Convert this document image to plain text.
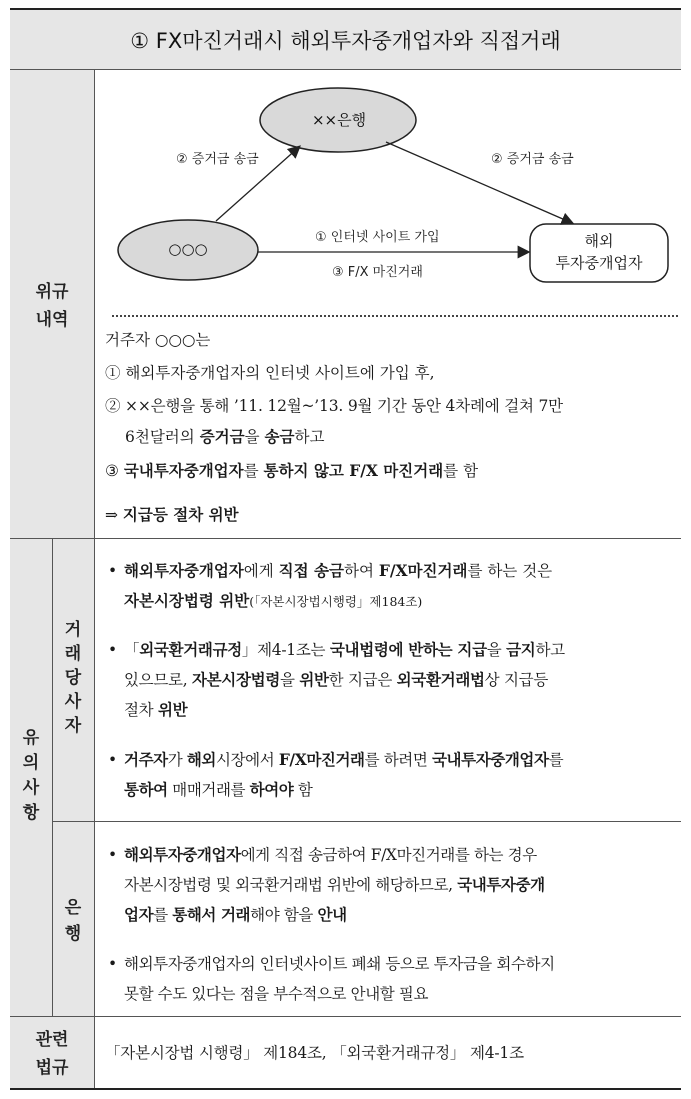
① FX마진거래시 해외투자중개업자와 직접거래
위규
내역
유
의
사
항
거
래
당
사
자
은
행
관련
법규
××은행
○○○	해외
투자중개업자
② 증거금 송금	② 증거금 송금
① 인터넷 사이트 가입
③ F/X 마진거래
거주자 ○○○는
① 해외투자중개업자의 인터넷 사이트에 가입 후,
② ××은행을 통해 ’11. 12월~’13. 9월 기간 동안 4차례에 걸쳐 7만
6천달러의 증거금을 송금하고
③ 국내투자중개업자를 통하지 않고 F/X 마진거래를 함
⇒ 지급등 절차 위반
• 해외투자중개업자에게 직접 송금하여 F/X마진거래를 하는 것은
자본시장법령 위반(「자본시장법시행령」제184조)
• 「외국환거래규정」제4-1조는 국내법령에 반하는 지급을 금지하고
있으므로, 자본시장법령을 위반한 지급은 외국환거래법상 지급등
절차 위반
• 거주자가 해외시장에서 F/X마진거래를 하려면 국내투자중개업자를
통하여 매매거래를 하여야 함
• 해외투자중개업자에게 직접 송금하여 F/X마진거래를 하는 경우
자본시장법령 및 외국환거래법 위반에 해당하므로, 국내투자중개
업자를 통해서 거래해야 함을 안내
• 해외투자중개업자의 인터넷사이트 폐쇄 등으로 투자금을 회수하지
못할 수도 있다는 점을 부수적으로 안내할 필요
「자본시장법 시행령」 제184조, 「외국환거래규정」 제4-1조
